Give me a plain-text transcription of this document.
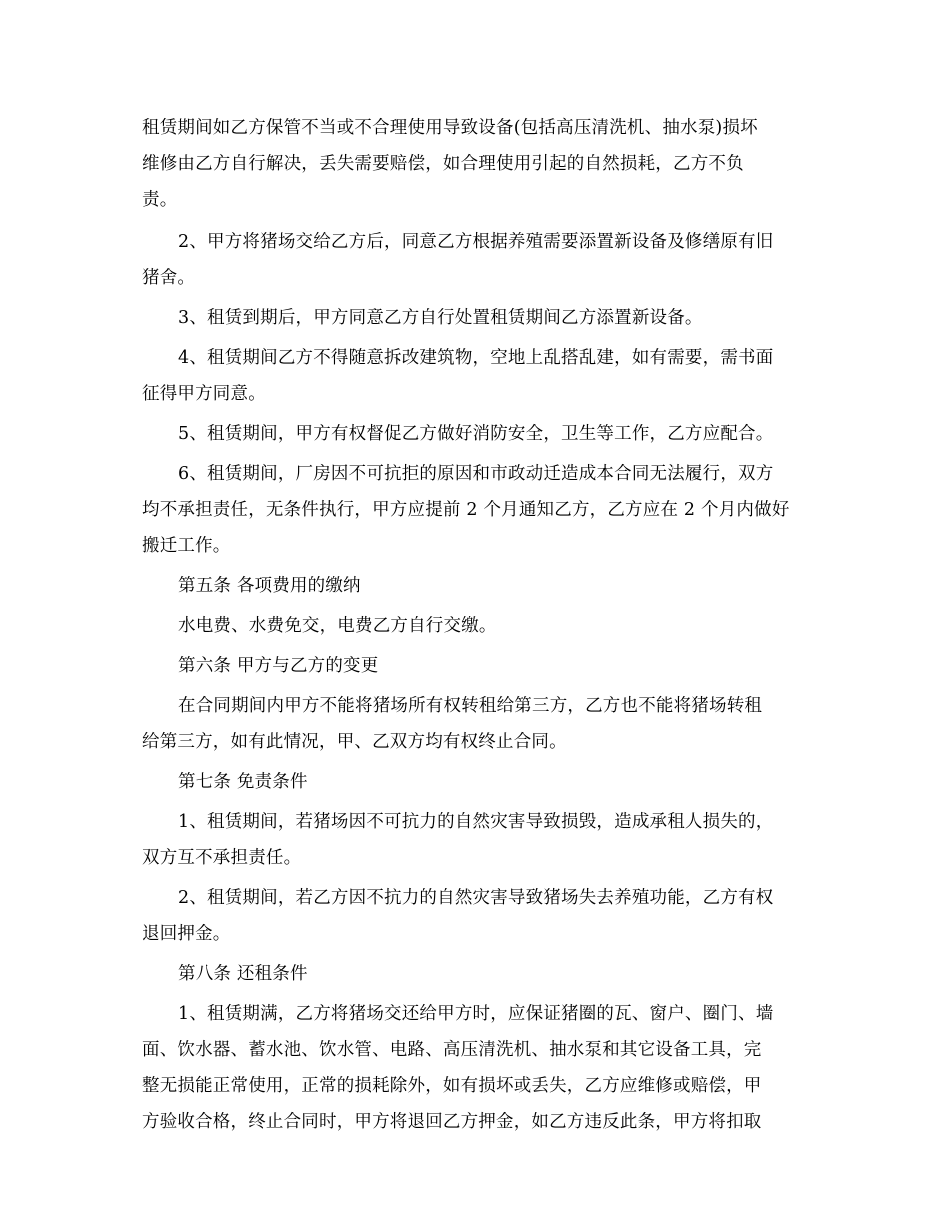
租赁期间如乙方保管不当或不合理使用导致设备(包括高压清洗机、抽水泵)损坏
维修由乙方自行解决，丢失需要赔偿，如合理使用引起的自然损耗，乙方不负
责。
2、甲方将猪场交给乙方后，同意乙方根据养殖需要添置新设备及修缮原有旧
猪舍。
3、租赁到期后，甲方同意乙方自行处置租赁期间乙方添置新设备。
4、租赁期间乙方不得随意拆改建筑物，空地上乱搭乱建，如有需要，需书面
征得甲方同意。
5、租赁期间，甲方有权督促乙方做好消防安全，卫生等工作，乙方应配合。
6、租赁期间，厂房因不可抗拒的原因和市政动迁造成本合同无法履行，双方
均不承担责任，无条件执行，甲方应提前 2 个月通知乙方，乙方应在 2 个月内做好
搬迁工作。
第五条 各项费用的缴纳
水电费、水费免交，电费乙方自行交缴。
第六条 甲方与乙方的变更
在合同期间内甲方不能将猪场所有权转租给第三方，乙方也不能将猪场转租
给第三方，如有此情况，甲、乙双方均有权终止合同。
第七条 免责条件
1、租赁期间，若猪场因不可抗力的自然灾害导致损毁，造成承租人损失的，
双方互不承担责任。
2、租赁期间，若乙方因不抗力的自然灾害导致猪场失去养殖功能，乙方有权
退回押金。
第八条 还租条件
1、租赁期满，乙方将猪场交还给甲方时，应保证猪圈的瓦、窗户、圈门、墙
面、饮水器、蓄水池、饮水管、电路、高压清洗机、抽水泵和其它设备工具，完
整无损能正常使用，正常的损耗除外，如有损坏或丢失，乙方应维修或赔偿，甲
方验收合格，终止合同时，甲方将退回乙方押金，如乙方违反此条，甲方将扣取
